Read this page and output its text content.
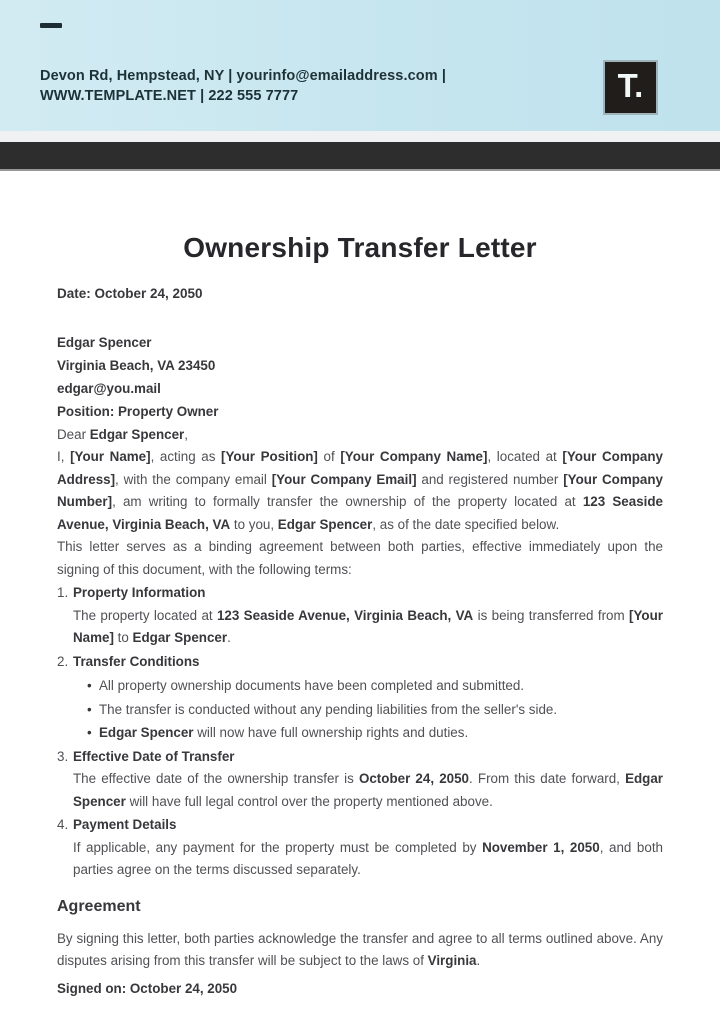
Devon Rd, Hempstead, NY | yourinfo@emailaddress.com |
WWW.TEMPLATE.NET | 222 555 7777	T.
Ownership Transfer Letter
Date: October 24, 2050
Edgar Spencer
Virginia Beach, VA 23450
edgar@you.mail
Position: Property Owner
Dear Edgar Spencer,

I, [Your Name], acting as [Your Position] of [Your Company Name], located at [Your Company Address], with the company email [Your Company Email] and registered number [Your Company Number], am writing to formally transfer the ownership of the property located at 123 Seaside Avenue, Virginia Beach, VA to you, Edgar Spencer, as of the date specified below.

This letter serves as a binding agreement between both parties, effective immediately upon the signing of this document, with the following terms:

1. Property Information
The property located at 123 Seaside Avenue, Virginia Beach, VA is being transferred from [Your Name] to Edgar Spencer.
2. Transfer Conditions
• All property ownership documents have been completed and submitted.
• The transfer is conducted without any pending liabilities from the seller's side.
• Edgar Spencer will now have full ownership rights and duties.
3. Effective Date of Transfer
The effective date of the ownership transfer is October 24, 2050. From this date forward, Edgar Spencer will have full legal control over the property mentioned above.
4. Payment Details
If applicable, any payment for the property must be completed by November 1, 2050, and both parties agree on the terms discussed separately.
Agreement

By signing this letter, both parties acknowledge the transfer and agree to all terms outlined above. Any disputes arising from this transfer will be subject to the laws of Virginia.

Signed on: October 24, 2050
